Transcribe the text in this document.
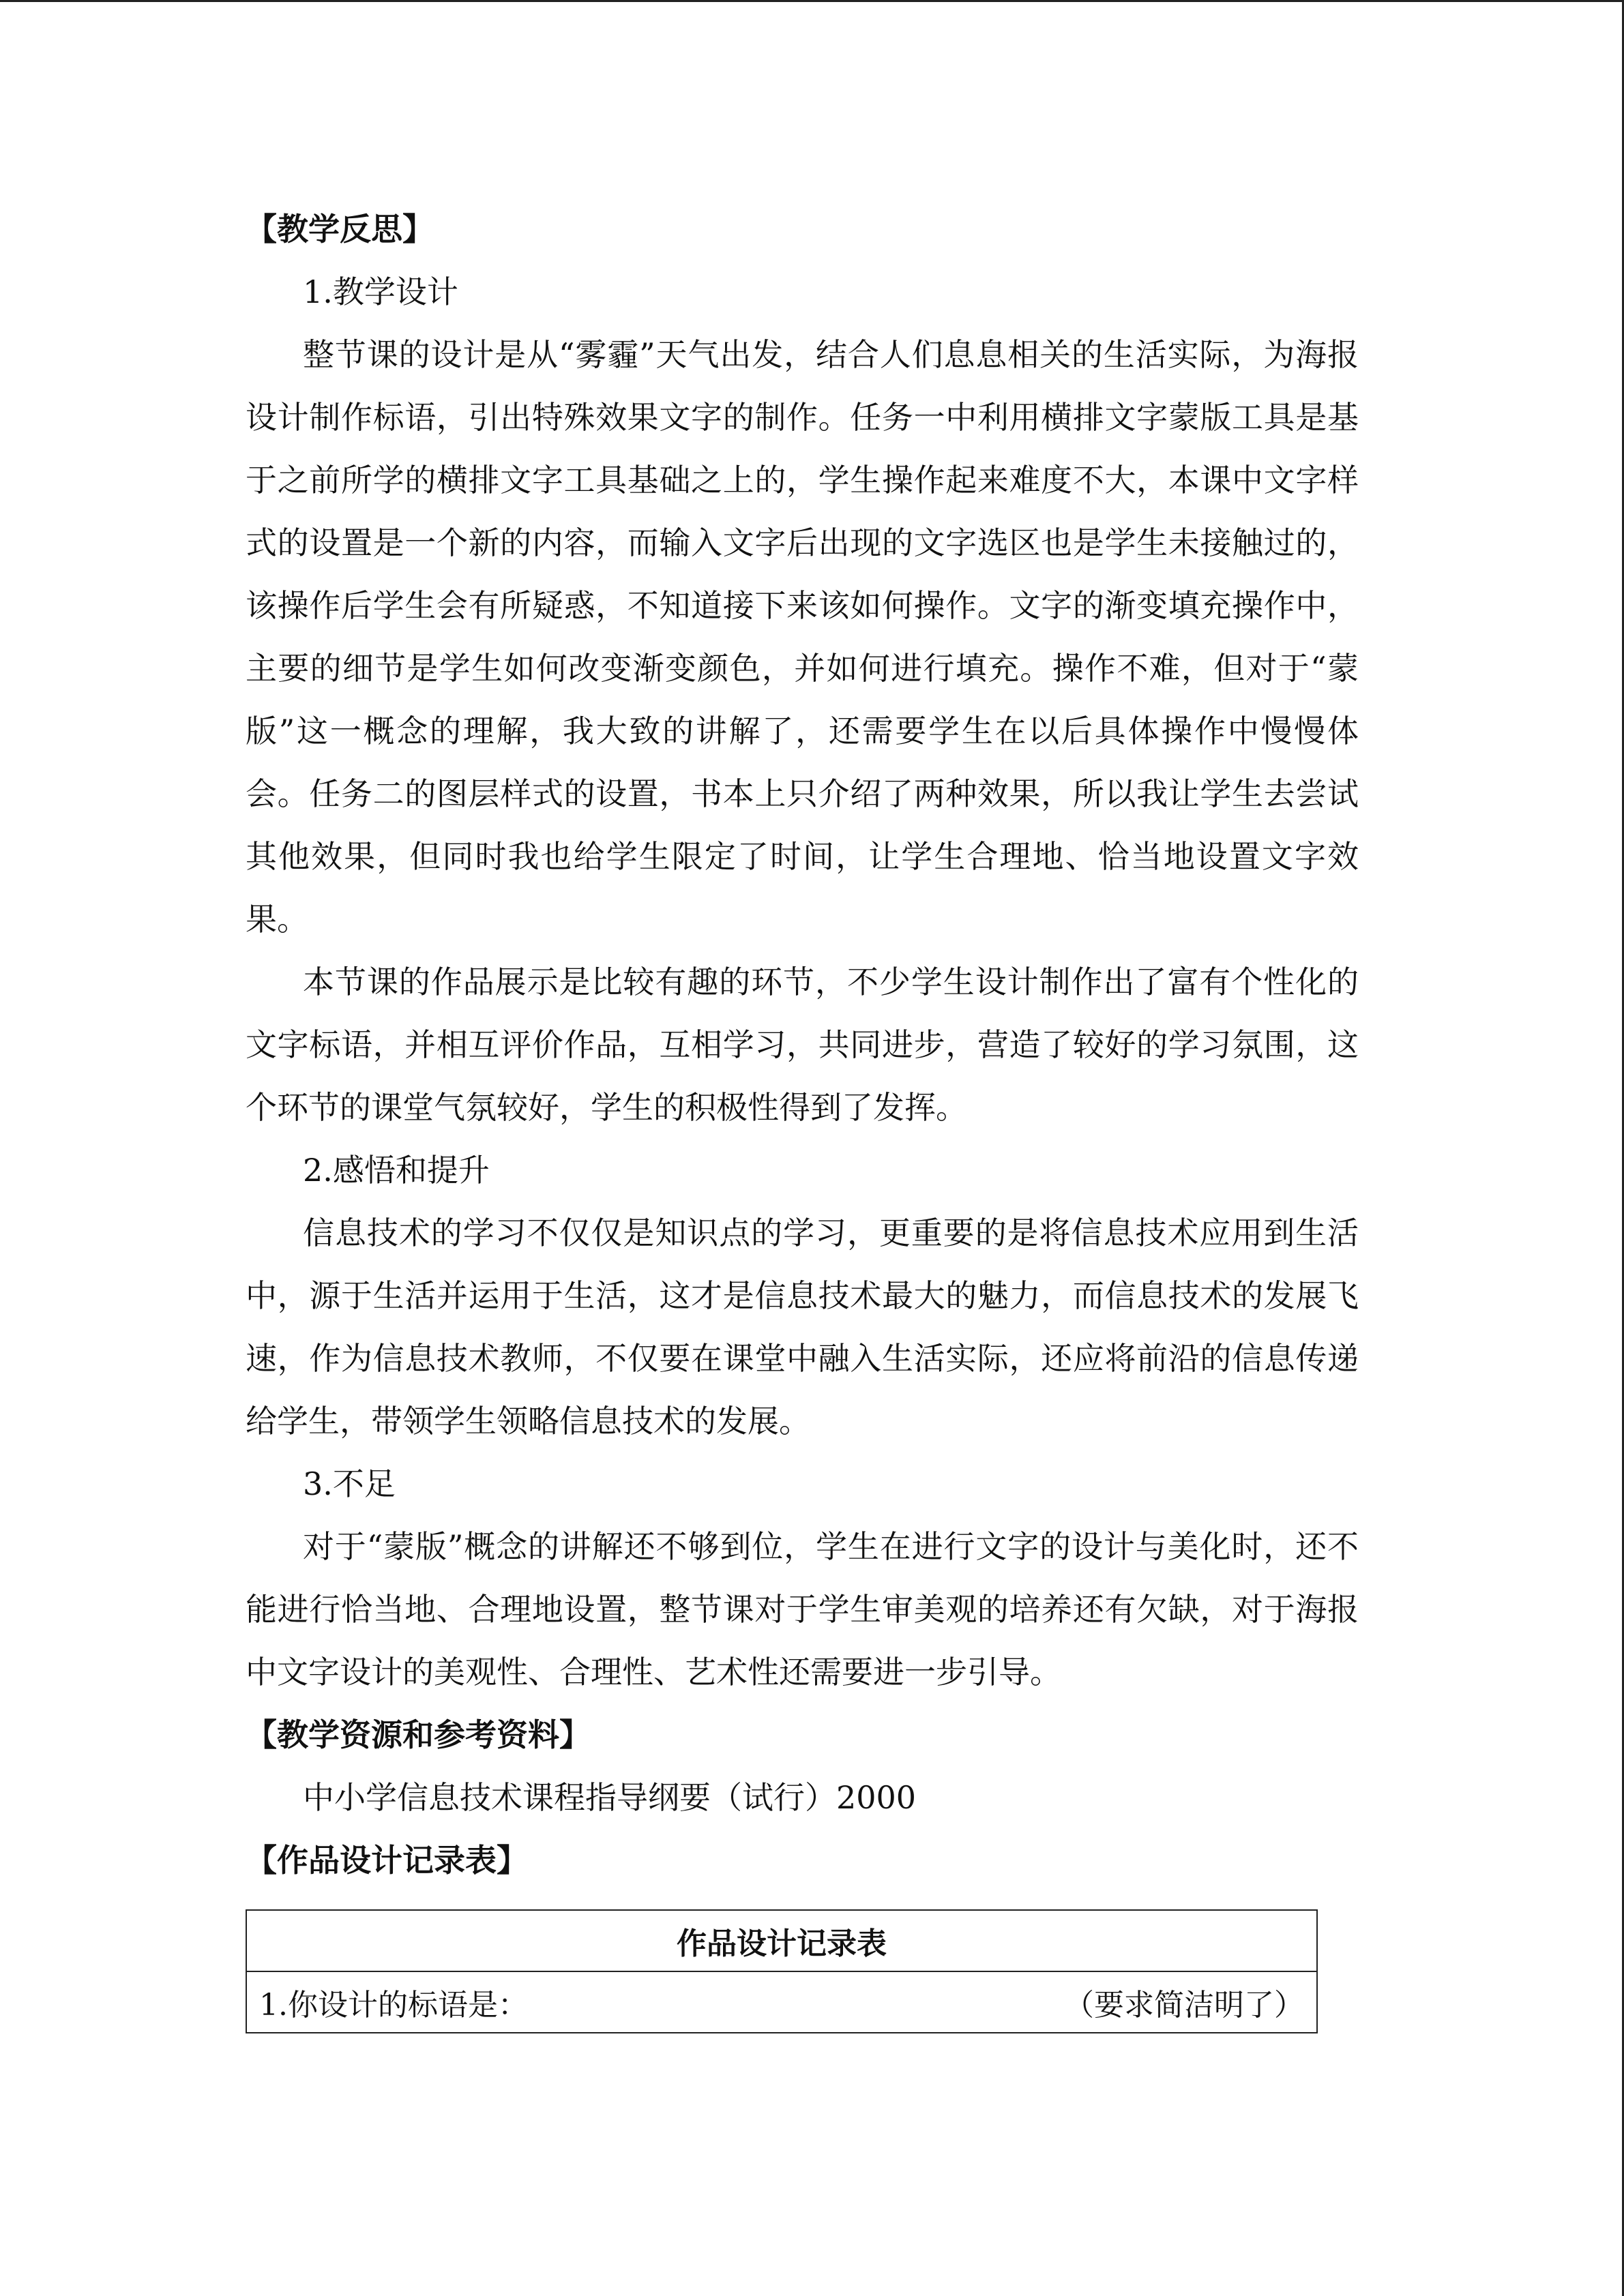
【教学反思】

1.教学设计

整节课的设计是从“雾霾”天气出发，结合人们息息相关的生活实际，为海报设计制作标语，引出特殊效果文字的制作。任务一中利用横排文字蒙版工具是基于之前所学的横排文字工具基础之上的，学生操作起来难度不大，本课中文字样式的设置是一个新的内容，而输入文字后出现的文字选区也是学生未接触过的，该操作后学生会有所疑惑，不知道接下来该如何操作。文字的渐变填充操作中，主要的细节是学生如何改变渐变颜色，并如何进行填充。操作不难，但对于“蒙版”这一概念的理解，我大致的讲解了，还需要学生在以后具体操作中慢慢体会。任务二的图层样式的设置，书本上只介绍了两种效果，所以我让学生去尝试其他效果，但同时我也给学生限定了时间，让学生合理地、恰当地设置文字效果。

本节课的作品展示是比较有趣的环节，不少学生设计制作出了富有个性化的文字标语，并相互评价作品，互相学习，共同进步，营造了较好的学习氛围，这个环节的课堂气氛较好，学生的积极性得到了发挥。

2.感悟和提升

信息技术的学习不仅仅是知识点的学习，更重要的是将信息技术应用到生活中，源于生活并运用于生活，这才是信息技术最大的魅力，而信息技术的发展飞速，作为信息技术教师，不仅要在课堂中融入生活实际，还应将前沿的信息传递给学生，带领学生领略信息技术的发展。

3.不足

对于“蒙版”概念的讲解还不够到位，学生在进行文字的设计与美化时，还不能进行恰当地、合理地设置，整节课对于学生审美观的培养还有欠缺，对于海报中文字设计的美观性、合理性、艺术性还需要进一步引导。

【教学资源和参考资料】

中小学信息技术课程指导纲要（试行）2000

【作品设计记录表】

作品设计记录表

1.你设计的标语是：	（要求简洁明了）
